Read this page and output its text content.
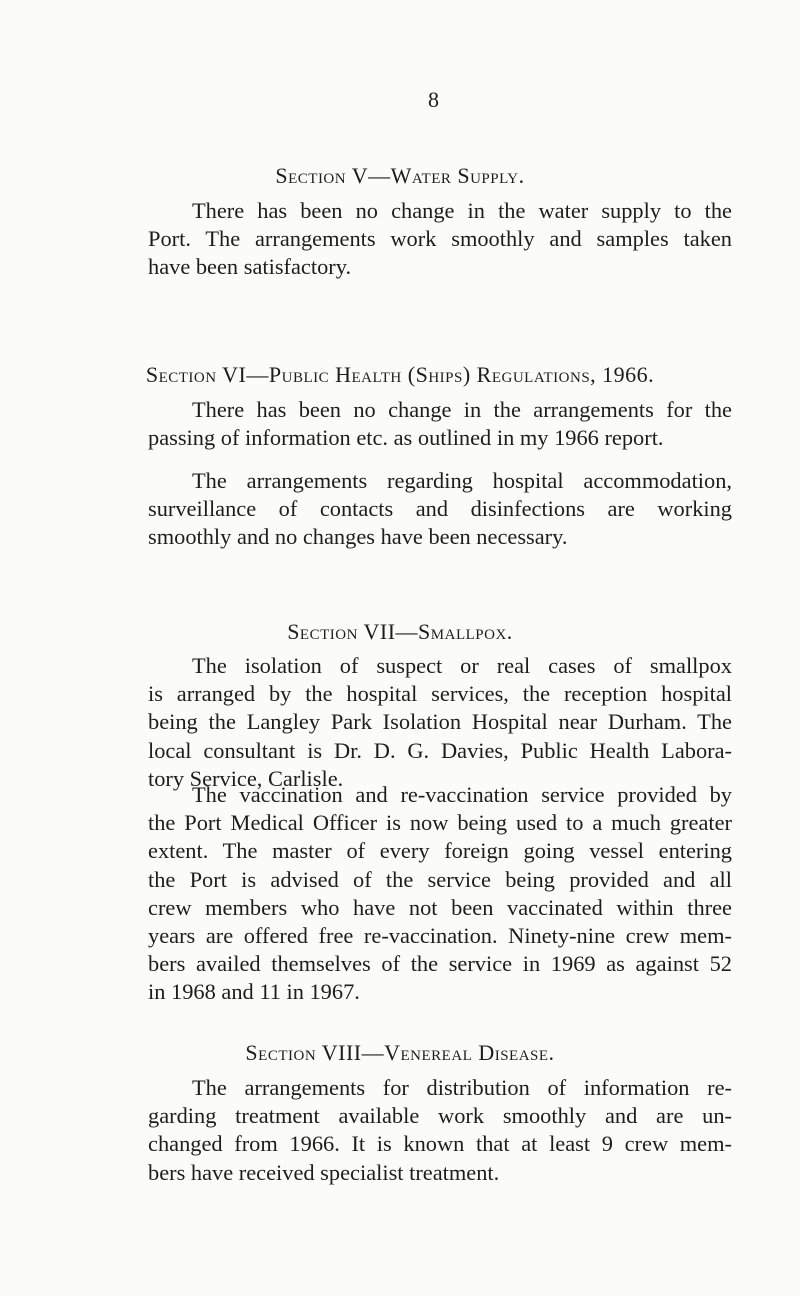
8
Section V—Water Supply.

There has been no change in the water supply to the
Port. The arrangements work smoothly and samples taken
have been satisfactory.

Section VI—Public Health (Ships) Regulations, 1966.

There has been no change in the arrangements for the
passing of information etc. as outlined in my 1966 report.

The arrangements regarding hospital accommodation,
surveillance of contacts and disinfections are working
smoothly and no changes have been necessary.

Section VII—Smallpox.

The isolation of suspect or real cases of smallpox
is arranged by the hospital services, the reception hospital
being the Langley Park Isolation Hospital near Durham. The
local consultant is Dr. D. G. Davies, Public Health Labora-
tory Service, Carlisle.

The vaccination and re-vaccination service provided by
the Port Medical Officer is now being used to a much greater
extent. The master of every foreign going vessel entering
the Port is advised of the service being provided and all
crew members who have not been vaccinated within three
years are offered free re-vaccination. Ninety-nine crew mem-
bers availed themselves of the service in 1969 as against 52
in 1968 and 11 in 1967.

Section VIII—Venereal Disease.

The arrangements for distribution of information re-
garding treatment available work smoothly and are un-
changed from 1966. It is known that at least 9 crew mem-
bers have received specialist treatment.
